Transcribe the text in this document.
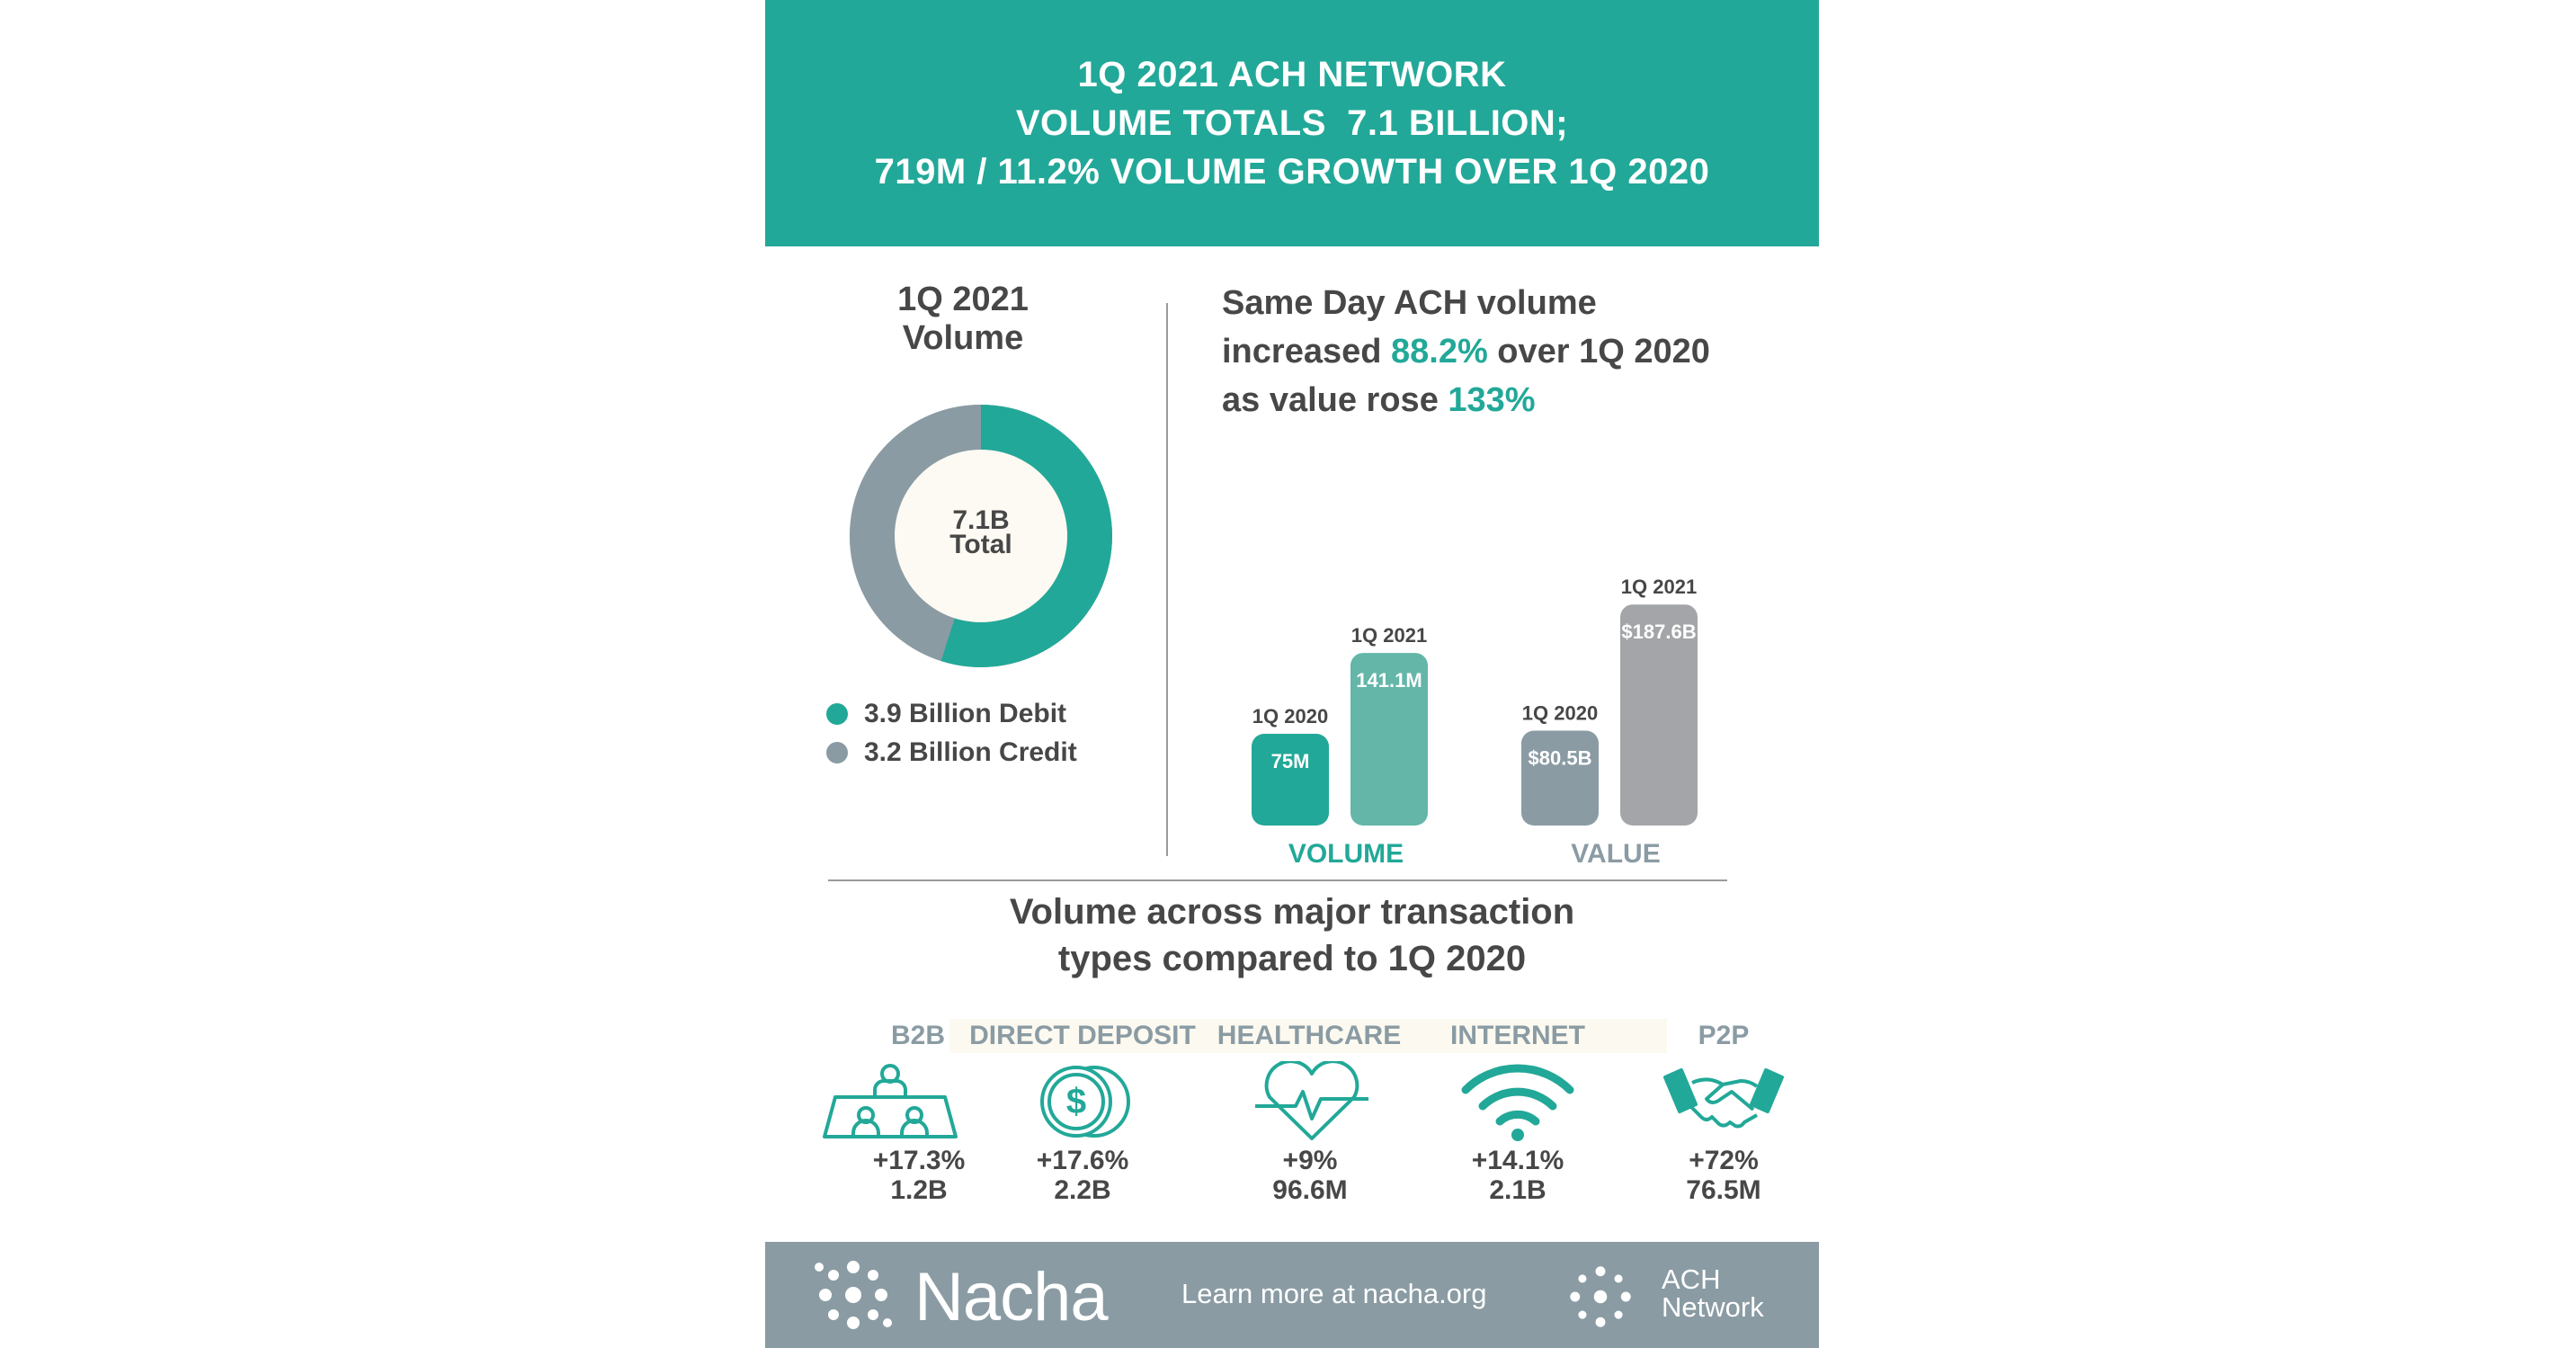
1Q 2021 ACH NETWORK
VOLUME TOTALS  7.1 BILLION;
719M / 11.2% VOLUME GROWTH OVER 1Q 2020
1Q 2021 Volume
7.1B
Total
3.9 Billion Debit
3.2 Billion Credit
Same Day ACH volume
increased 88.2% over 1Q 2020
as value rose 133%
75M
1Q 2020
141.1M
1Q 2021
VOLUME
$80.5B
1Q 2020
$187.6B
1Q 2021
VALUE
Volume across major transaction
types compared to 1Q 2020
B2B DIRECT DEPOSIT HEALTHCARE	INTERNET	P2P
$
+17.3%
1.2B
+17.6%
2.2B
+9%
96.6M
+14.1%
2.1B
+72%
76.5M
Nacha	Learn more at nacha.org	ACH
Network
